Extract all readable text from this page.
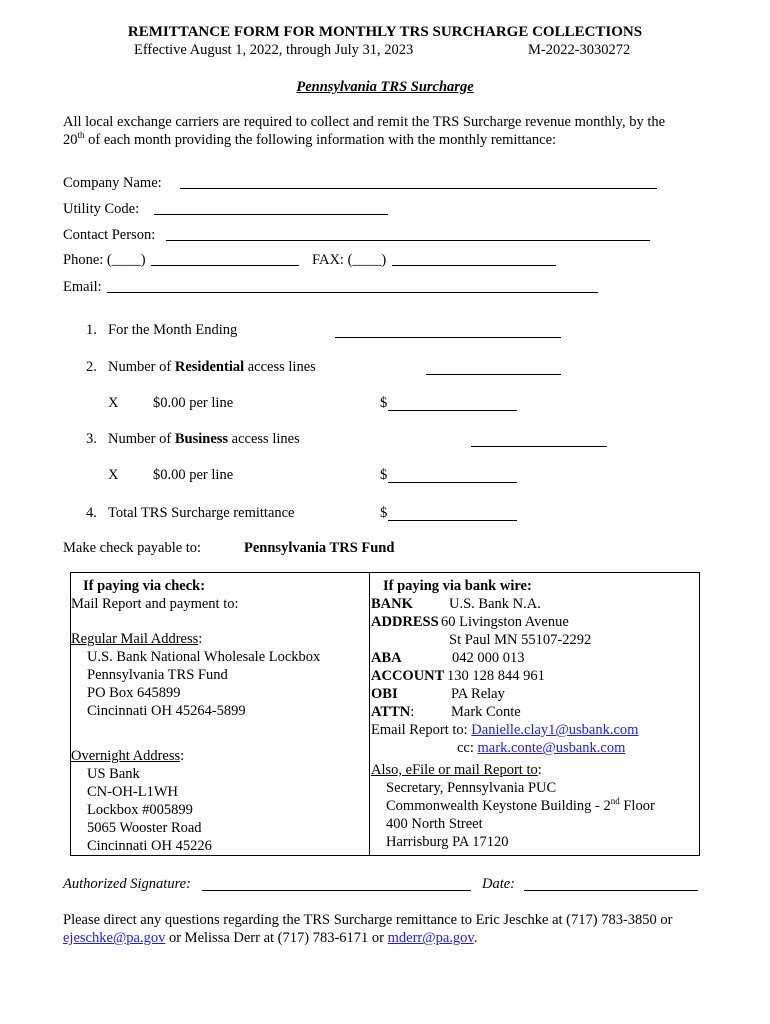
REMITTANCE FORM FOR MONTHLY TRS SURCHARGE COLLECTIONS
Effective August 1, 2022, through July 31, 2023	M-2022-3030272
Pennsylvania TRS Surcharge
All local exchange carriers are required to collect and remit the TRS Surcharge revenue monthly, by the
20th of each month providing the following information with the monthly remittance:
Company Name:
Utility Code:
Contact Person:
Phone: (____)	FAX: (____)
Email:
1. For the Month Ending
2. Number of Residential access lines
X $0.00 per line	$
3. Number of Business access lines
X $0.00 per line	$
4. Total TRS Surcharge remittance	$
Make check payable to:	Pennsylvania TRS Fund
If paying via check:
Mail Report and payment to:
Regular Mail Address:
U.S. Bank National Wholesale Lockbox
Pennsylvania TRS Fund
PO Box 645899
Cincinnati OH 45264-5899
Overnight Address:
US Bank
CN-OH-L1WH
Lockbox #005899
5065 Wooster Road
Cincinnati OH 45226
If paying via bank wire:
BANK U.S. Bank N.A.
ADDRESS 60 Livingston Avenue
St Paul MN 55107-2292
ABA	042 000 013
ACCOUNT 130 128 844 961
OBI	PA Relay
ATTN:	Mark Conte
Email Report to: Danielle.clay1@usbank.com
cc: mark.conte@usbank.com
Also, eFile or mail Report to:
Secretary, Pennsylvania PUC
Commonwealth Keystone Building - 2nd Floor
400 North Street
Harrisburg PA 17120
Authorized Signature:	Date:
Please direct any questions regarding the TRS Surcharge remittance to Eric Jeschke at (717) 783-3850 or
ejeschke@pa.gov or Melissa Derr at (717) 783-6171 or mderr@pa.gov.
